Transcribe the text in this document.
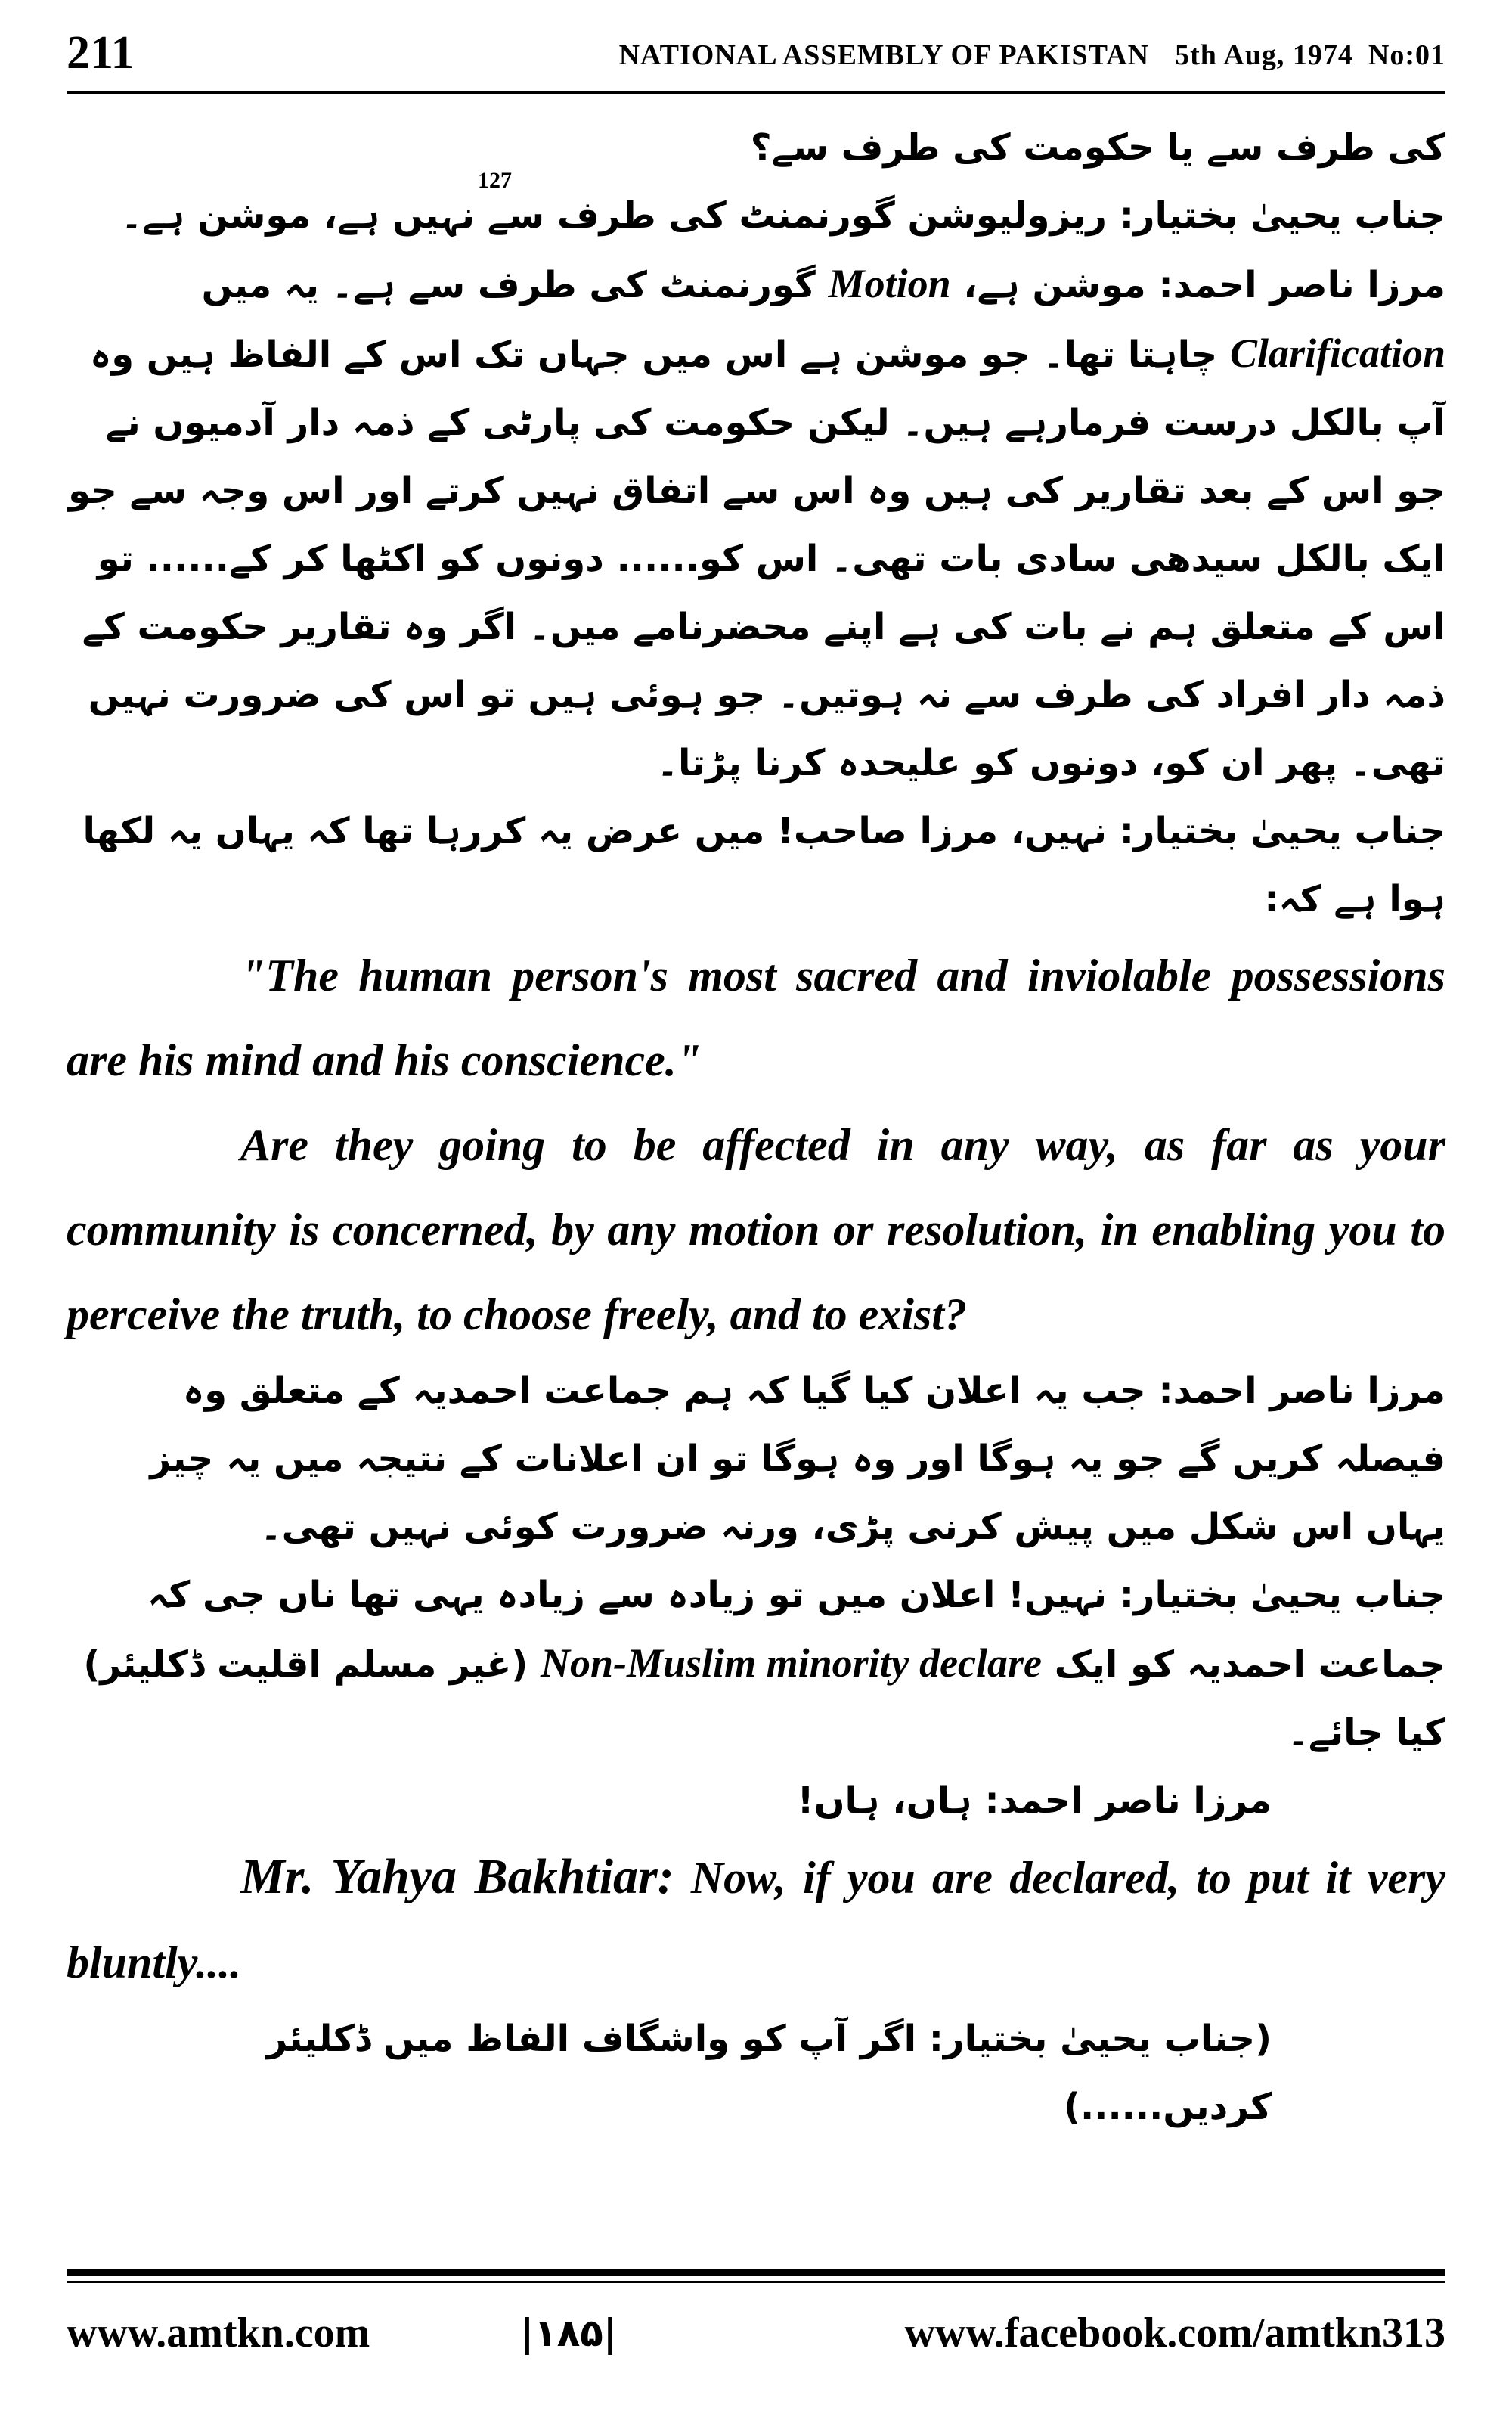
211	NATIONAL ASSEMBLY OF PAKISTAN 5th Aug, 1974 No:01

کی طرف سے یا حکومت کی طرف سے؟

127

جناب یحییٰ بختیار: ریزولیوشن گورنمنٹ کی طرف سے نہیں ہے، موشن ہے۔

مرزا ناصر احمد: موشن ہے، Motion گورنمنٹ کی طرف سے ہے۔ یہ میں Clarification چاہتا تھا۔ جو موشن ہے اس میں جہاں تک اس کے الفاظ ہیں وہ آپ بالکل درست فرمارہے ہیں۔ لیکن حکومت کی پارٹی کے ذمہ دار آدمیوں نے جو اس کے بعد تقاریر کی ہیں وہ اس سے اتفاق نہیں کرتے اور اس وجہ سے جو ایک بالکل سیدھی سادی بات تھی۔ اس کو...... دونوں کو اکٹھا کر کے...... تو اس کے متعلق ہم نے بات کی ہے اپنے محضرنامے میں۔ اگر وہ تقاریر حکومت کے ذمہ دار افراد کی طرف سے نہ ہوتیں۔ جو ہوئی ہیں تو اس کی ضرورت نہیں تھی۔ پھر ان کو، دونوں کو علیحدہ کرنا پڑتا۔

جناب یحییٰ بختیار: نہیں، مرزا صاحب! میں عرض یہ کررہا تھا کہ یہاں یہ لکھا ہوا ہے کہ:

"The human person's most sacred and inviolable possessions are his mind and his conscience."

Are they going to be affected in any way, as far as your community is concerned, by any motion or resolution, in enabling you to perceive the truth, to choose freely, and to exist?

مرزا ناصر احمد: جب یہ اعلان کیا گیا کہ ہم جماعت احمدیہ کے متعلق وہ فیصلہ کریں گے جو یہ ہوگا اور وہ ہوگا تو ان اعلانات کے نتیجہ میں یہ چیز یہاں اس شکل میں پیش کرنی پڑی، ورنہ ضرورت کوئی نہیں تھی۔

جناب یحییٰ بختیار: نہیں! اعلان میں تو زیادہ سے زیادہ یہی تھا ناں جی کہ جماعت احمدیہ کو ایک Non-Muslim minority declare (غیر مسلم اقلیت ڈکلیئر) کیا جائے۔

مرزا ناصر احمد: ہاں، ہاں!

Mr. Yahya Bakhtiar: Now, if you are declared, to put it very bluntly....

(جناب یحییٰ بختیار: اگر آپ کو واشگاف الفاظ میں ڈکلیئر کردیں......)

www.amtkn.com	|۱۸۵|	www.facebook.com/amtkn313
